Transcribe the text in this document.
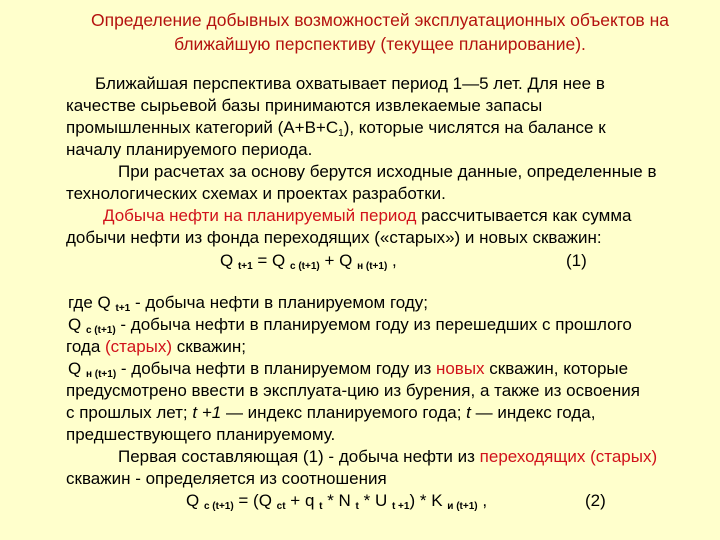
Определение добывных возможностей эксплуатационных объектов на
ближайшую перспективу (текущее планирование).
Ближайшая перспектива охватывает период 1—5 лет. Для нее в
качестве сырьевой базы принимаются извлекаемые запасы
промышленных категорий (А+В+С1), которые числятся на балансе к
началу планируемого периода.
При расчетах за основу берутся исходные данные, определенные в
технологических схемах и проектах разработки.
Добыча нефти на планируемый период рассчитывается как сумма
добычи нефти из фонда переходящих («старых») и новых скважин:
Q $_{t+1}$ = Q $_{с (t+1)}$ + Q $_{н (t+1)}$ ,	(1)
где Q $_{t+1}$ - добыча нефти в планируемом году;
Q $_{с (t+1)}$ - добыча нефти в планируемом году из перешедших с прошлого
года (старых) скважин;
Q $_{н (t+1)}$ - добыча нефти в планируемом году из новых скважин, которые
предусмотрено ввести в эксплуата-цию из бурения, а также из освоения
с прошлых лет; t +1 — индекс планируемого года; t — индекс года,
предшествующего планируемому.
Первая составляющая (1) - добыча нефти из переходящих (старых)
скважин - определяется из соотношения
Q $_{с (t+1)}$ = (Q $_{ct}$ + q $_t$ * N $_t$ * U $_{t +1}$) * K $_{и (t+1)}$ ,	(2)
